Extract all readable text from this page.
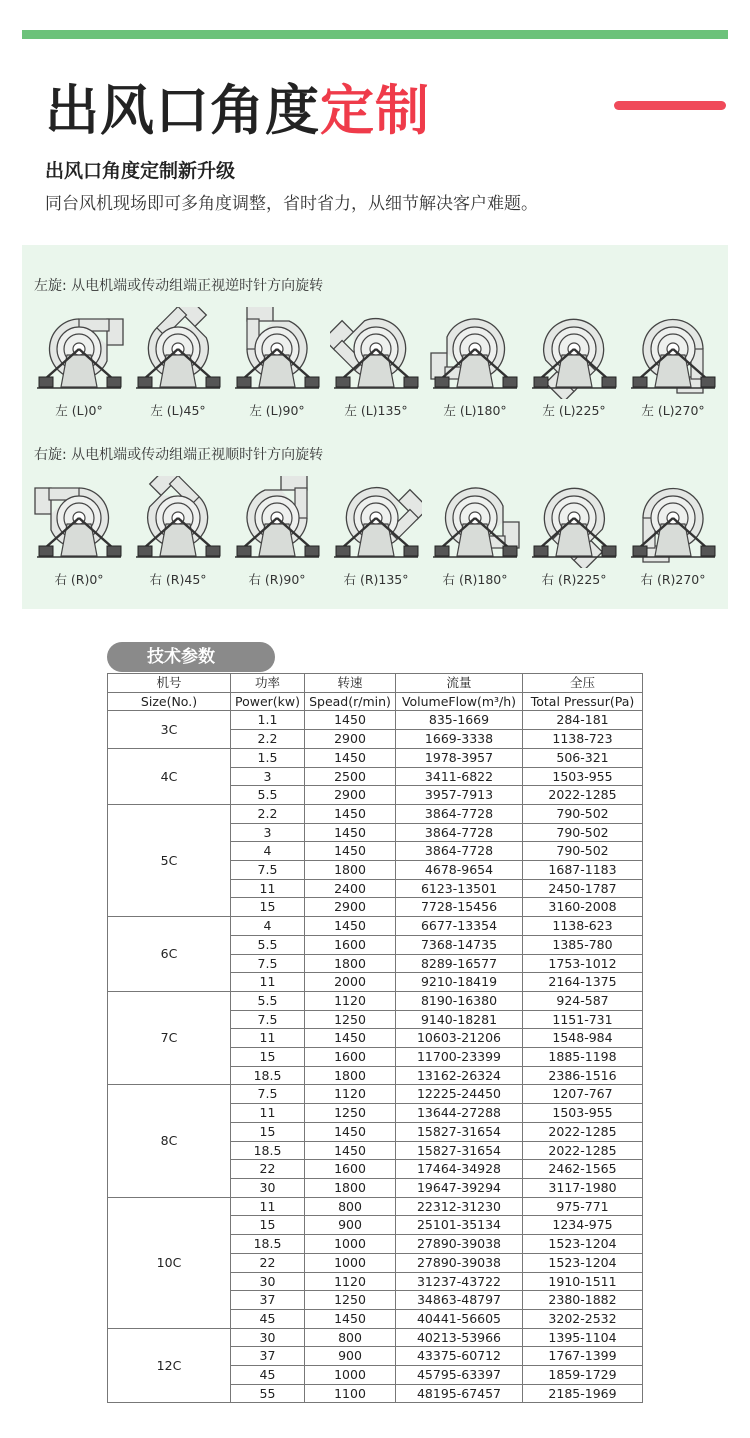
出风口角度定制
出风口角度定制新升级
同台风机现场即可多角度调整，省时省力，从细节解决客户难题。
左旋: 从电机端或传动组端正视逆时针方向旋转
右旋: 从电机端或传动组端正视顺时针方向旋转
左 (L)0°	左 (L)45°	左 (L)90°	左 (L)135°	左 (L)180°	左 (L)225°	左 (L)270°
右 (R)0°	右 (R)45°	右 (R)90°	右 (R)135°	右 (R)180°	右 (R)225°	右 (R)270°
技术参数
机号	功率	转速	流量	全压
Size(No.)	Power(kw)	Spead(r/min)	VolumeFlow(m³/h)	Total Pressur(Pa)
3C	1.1	1450	835-1669	284-181
	2.2	2900	1669-3338	1138-723
4C	1.5	1450	1978-3957	506-321
	3	2500	3411-6822	1503-955
	5.5	2900	3957-7913	2022-1285
5C	2.2	1450	3864-7728	790-502
	3	1450	3864-7728	790-502
	4	1450	3864-7728	790-502
	7.5	1800	4678-9654	1687-1183
	11	2400	6123-13501	2450-1787
	15	2900	7728-15456	3160-2008
6C	4	1450	6677-13354	1138-623
	5.5	1600	7368-14735	1385-780
	7.5	1800	8289-16577	1753-1012
	11	2000	9210-18419	2164-1375
7C	5.5	1120	8190-16380	924-587
	7.5	1250	9140-18281	1151-731
	11	1450	10603-21206	1548-984
	15	1600	11700-23399	1885-1198
	18.5	1800	13162-26324	2386-1516
8C	7.5	1120	12225-24450	1207-767
	11	1250	13644-27288	1503-955
	15	1450	15827-31654	2022-1285
	18.5	1450	15827-31654	2022-1285
	22	1600	17464-34928	2462-1565
	30	1800	19647-39294	3117-1980
10C	11	800	22312-31230	975-771
	15	900	25101-35134	1234-975
	18.5	1000	27890-39038	1523-1204
	22	1000	27890-39038	1523-1204
	30	1120	31237-43722	1910-1511
	37	1250	34863-48797	2380-1882
	45	1450	40441-56605	3202-2532
12C	30	800	40213-53966	1395-1104
	37	900	43375-60712	1767-1399
	45	1000	45795-63397	1859-1729
	55	1100	48195-67457	2185-1969
